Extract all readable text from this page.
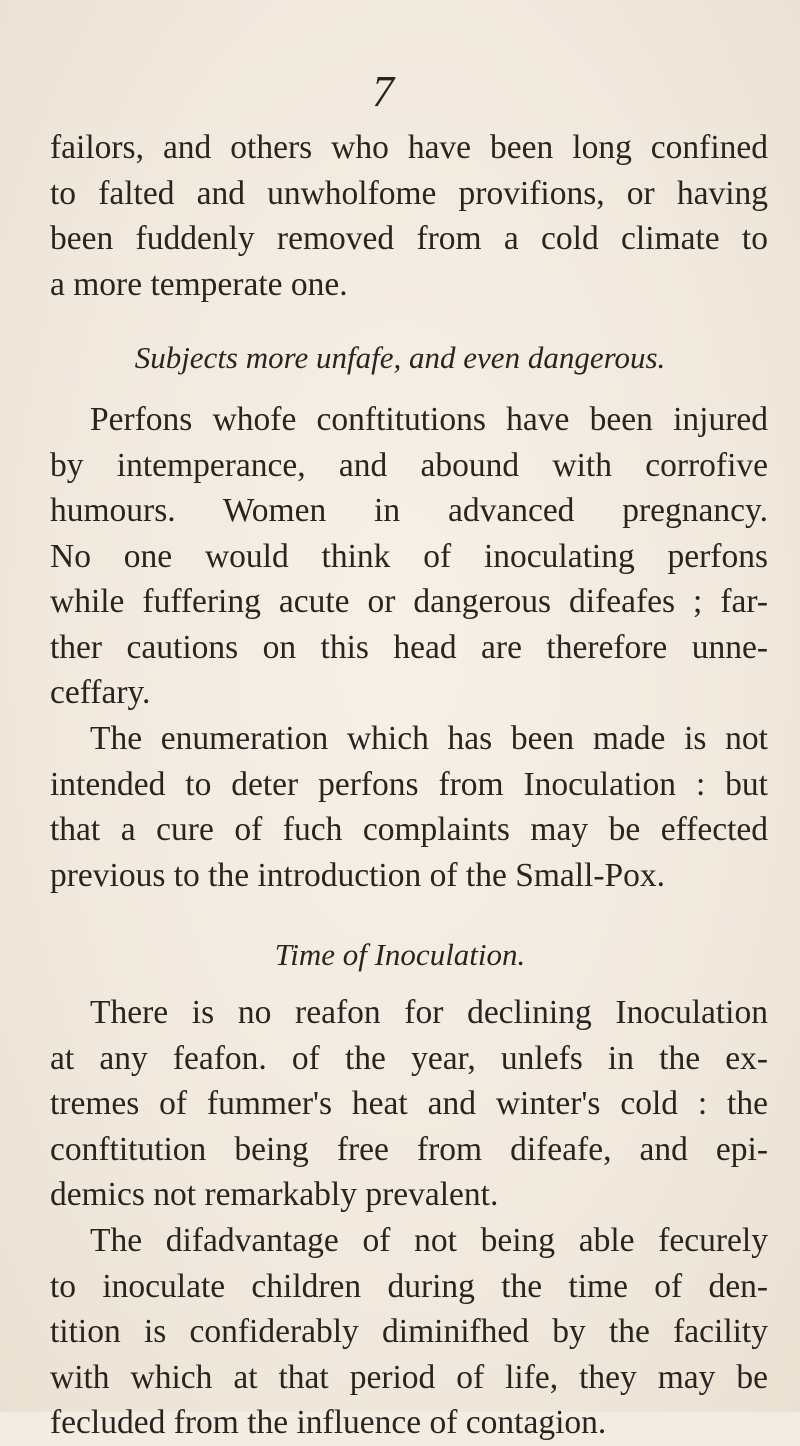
7
failors, and others who have been long confined
to falted and unwholfome provifions, or having
been fuddenly removed from a cold climate to
a more temperate one.
Subjects more unfafe, and even dangerous.
Perfons whofe conftitutions have been injured
by intemperance, and abound with corrofive
humours. Women in advanced pregnancy.
No one would think of inoculating perfons
while fuffering acute or dangerous difeafes ; far-
ther cautions on this head are therefore unne-
ceffary.
The enumeration which has been made is not
intended to deter perfons from Inoculation : but
that a cure of fuch complaints may be effected
previous to the introduction of the Small-Pox.
Time of Inoculation.
There is no reafon for declining Inoculation
at any feafon. of the year, unlefs in the ex-
tremes of fummer's heat and winter's cold : the
conftitution being free from difeafe, and epi-
demics not remarkably prevalent.
The difadvantage of not being able fecurely
to inoculate children during the time of den-
tition is confiderably diminifhed by the facility
with which at that period of life, they may be
fecluded from the influence of contagion.
